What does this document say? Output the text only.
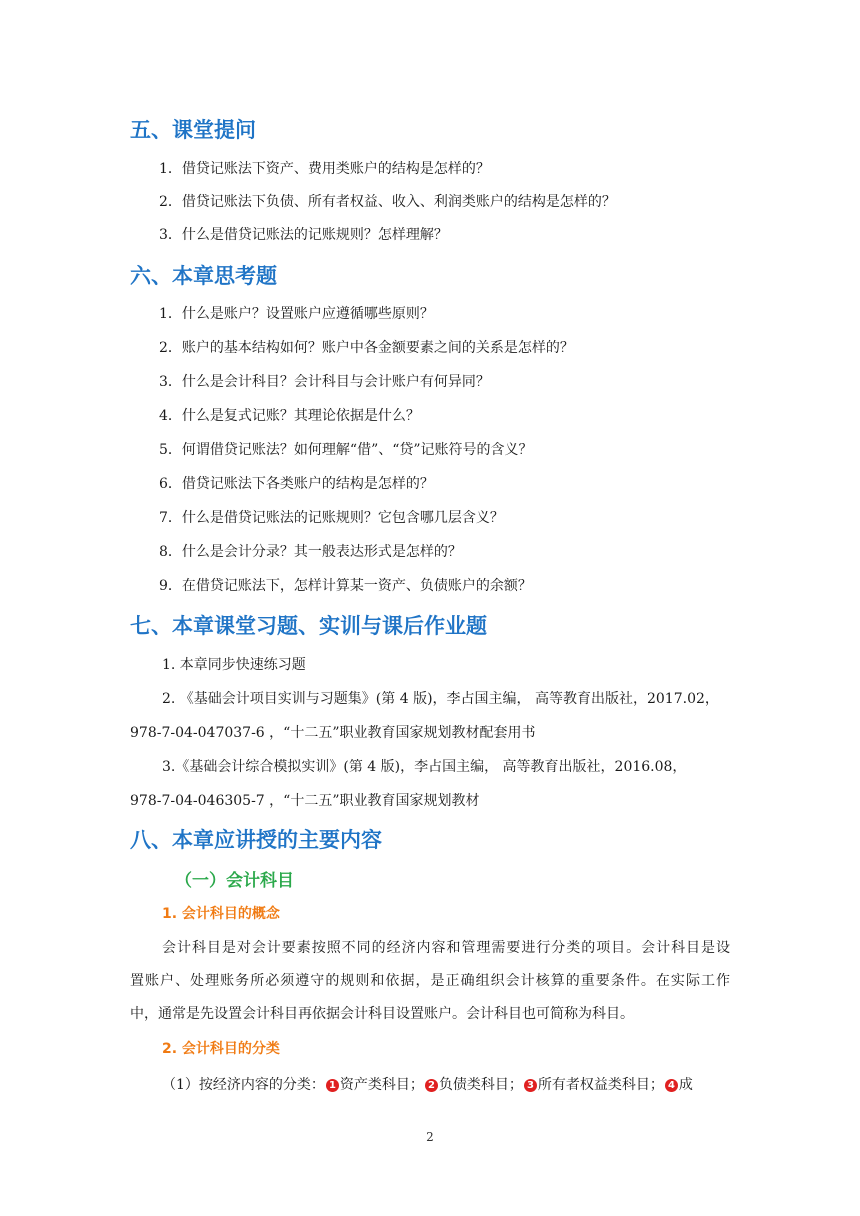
五、课堂提问
1．借贷记账法下资产、费用类账户的结构是怎样的？
2．借贷记账法下负债、所有者权益、收入、利润类账户的结构是怎样的？
3．什么是借贷记账法的记账规则？怎样理解？
六、本章思考题
1．什么是账户？设置账户应遵循哪些原则？
2．账户的基本结构如何？账户中各金额要素之间的关系是怎样的？
3．什么是会计科目？会计科目与会计账户有何异同？
4．什么是复式记账？其理论依据是什么？
5．何谓借贷记账法？如何理解“借”、“贷”记账符号的含义？
6．借贷记账法下各类账户的结构是怎样的？
7．什么是借贷记账法的记账规则？它包含哪几层含义？
8．什么是会计分录？其一般表达形式是怎样的？
9．在借贷记账法下，怎样计算某一资产、负债账户的余额？
七、本章课堂习题、实训与课后作业题
1. 本章同步快速练习题
2. 《基础会计项目实训与习题集》(第 4 版)，李占国主编， 高等教育出版社，2017.02，
978-7-04-047037-6 ，“十二五”职业教育国家规划教材配套用书
3.《基础会计综合模拟实训》(第 4 版)，李占国主编， 高等教育出版社，2016.08，
978-7-04-046305-7 ，“十二五”职业教育国家规划教材
八、本章应讲授的主要内容
（一）会计科目
1. 会计科目的概念
会计科目是对会计要素按照不同的经济内容和管理需要进行分类的项目。会计科目是设
置账户、处理账务所必须遵守的规则和依据，是正确组织会计核算的重要条件。在实际工作
中，通常是先设置会计科目再依据会计科目设置账户。会计科目也可简称为科目。
2. 会计科目的分类
（1）按经济内容的分类： 1 资产类科目； 2 负债类科目； 3 所有者权益类科目； 4 成
2
